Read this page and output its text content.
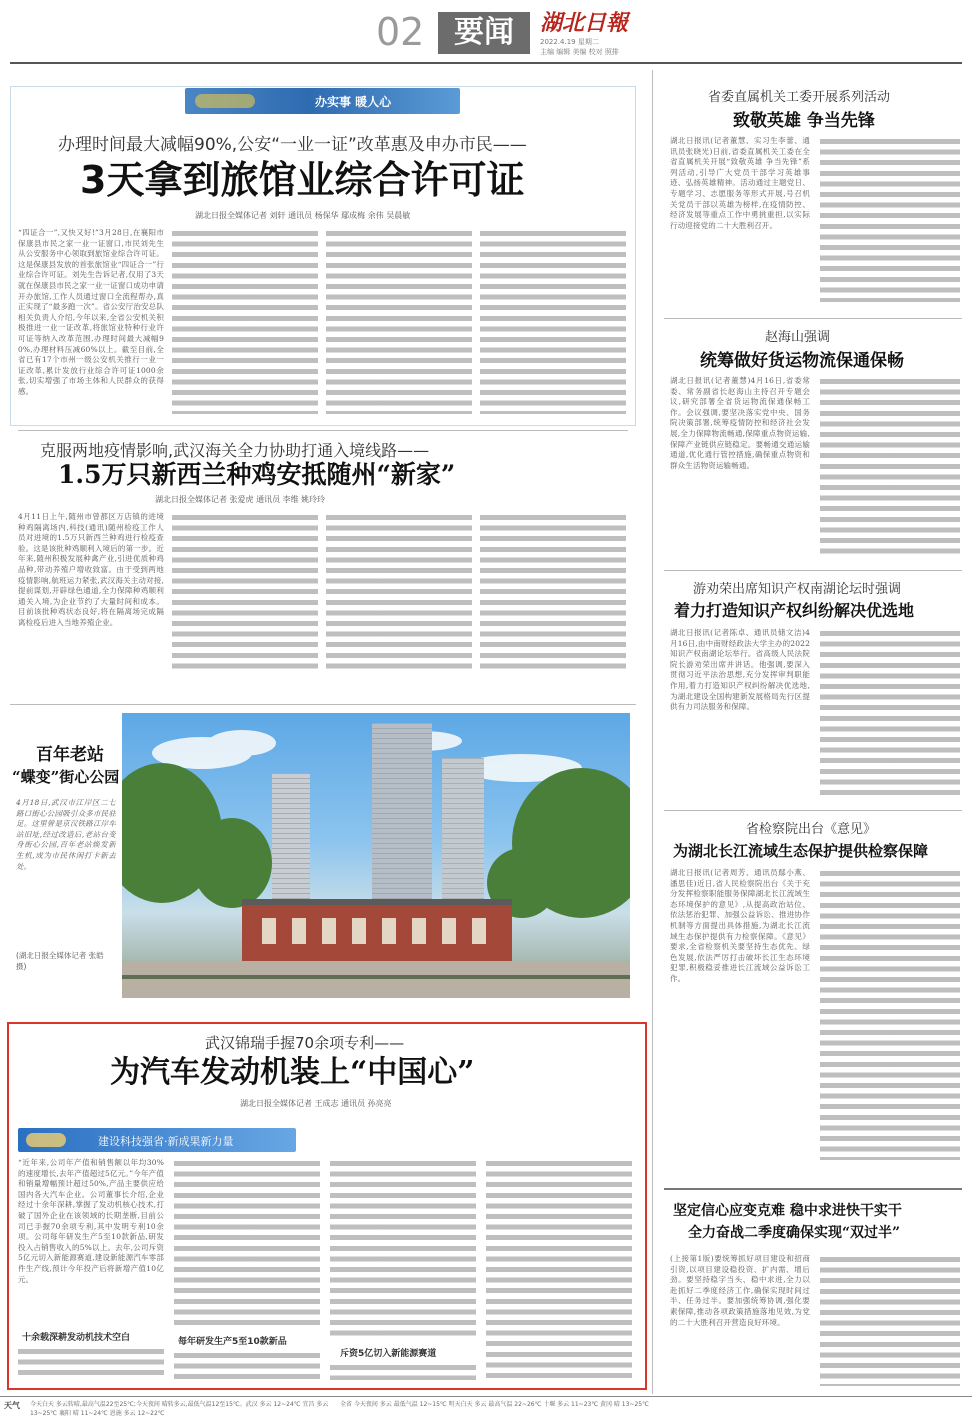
02 要闻	湖北日報
2022.4.19 星期二
主编 编辑 美编 校对 照排
办实事 暖人心
办理时间最大减幅90%,公安“一业一证”改革惠及申办市民——
3天拿到旅馆业综合许可证
湖北日报全媒体记者 刘轩 通讯员 杨保华 鄢成梅 余伟 吴晨敏
“四证合一”,又快又好!”3月28日,在襄阳市保康县市民之家一业一证窗口,市民刘先生从公安服务中心领取到旅馆业综合许可证。这是保康县发放的首张旅馆业“四证合一”行业综合许可证。刘先生告诉记者,仅用了3天就在保康县市民之家一业一证窗口成功申请开办旅馆,工作人员通过窗口全流程帮办,真正实现了“最多跑一次”。省公安厅治安总队相关负责人介绍,今年以来,全省公安机关积极推进一业一证改革,将旅馆业特种行业许可证等纳入改革范围,办理时间最大减幅90%,办理材料压减60%以上。截至目前,全省已有17个市州一级公安机关推行一业一证改革,累计发放行业综合许可证1000余张,切实增强了市场主体和人民群众的获得感。
克服两地疫情影响,武汉海关全力协助打通入境线路——
1.5万只新西兰种鸡安抵随州“新家”
湖北日报全媒体记者 张爱虎 通讯员 李维 姚玲玲
4月11日上午,随州市曾都区万店镇的进境种鸡隔离场内,科技(通讯)随州检疫工作人员对进境的1.5万只新西兰种鸡进行检疫查验。这是该批种鸡顺利入境后的第一步。近年来,随州积极发展种禽产业,引进优质种鸡品种,带动养殖户增收致富。由于受到两地疫情影响,航班运力紧张,武汉海关主动对接,提前谋划,开辟绿色通道,全力保障种鸡顺利通关入境,为企业节约了大量时间和成本。目前该批种鸡状态良好,将在隔离场完成隔离检疫后进入当地养殖企业。
百年老站
“蝶变”街心公园
4月18日,武汉市江岸区二七路口街心公园吸引众多市民驻足。这里曾是京汉铁路江岸车站旧址,经过改造后,老站台变身街心公园,百年老站焕发新生机,成为市民休闲打卡新去处。
(湖北日报全媒体记者 张皓 摄)
武汉锦瑞手握70余项专利——
为汽车发动机装上“中国心”
湖北日报全媒体记者 王成志 通讯员 孙亮亮
建设科技强省·新成果新力量
“近年来,公司年产值和销售额以年均30%的速度增长,去年产值超过5亿元。”今年产值和销量增幅预计超过50%,产品主要供应给国内各大汽车企业。公司董事长介绍,企业经过十余年深耕,掌握了发动机核心技术,打破了国外企业在该领域的长期垄断,目前公司已手握70余项专利,其中发明专利10余项。公司每年研发生产5至10款新品,研发投入占销售收入的5%以上。去年,公司斥资5亿元切入新能源赛道,建设新能源汽车零部件生产线,预计今年投产后将新增产值10亿元。
十余载深耕发动机技术空白	每年研发生产5至10款新品
斥资5亿切入新能源赛道
省委直属机关工委开展系列活动
致敬英雄 争当先锋
湖北日报讯(记者董慧、实习生李蕾、通讯员张晓光)日前,省委直属机关工委在全省直属机关开展“致敬英雄 争当先锋”系列活动,引导广大党员干部学习英雄事迹、弘扬英雄精神。活动通过主题党日、专题学习、志愿服务等形式开展,号召机关党员干部以英雄为榜样,在疫情防控、经济发展等重点工作中勇挑重担,以实际行动迎接党的二十大胜利召开。
赵海山强调
统筹做好货运物流保通保畅
湖北日报讯(记者董慧)4月16日,省委常委、常务副省长赵海山主持召开专题会议,研究部署全省货运物流保通保畅工作。会议强调,要坚决落实党中央、国务院决策部署,统筹疫情防控和经济社会发展,全力保障物流畅通,保障重点物资运输,保障产业链供应链稳定。要畅通交通运输通道,优化通行管控措施,确保重点物资和群众生活物资运输畅通。
游劝荣出席知识产权南湖论坛时强调
着力打造知识产权纠纷解决优选地
湖北日报讯(记者陈卓、通讯员储文洁)4月16日,由中南财经政法大学主办的2022知识产权南湖论坛举行。省高级人民法院院长游劝荣出席并讲话。他强调,要深入贯彻习近平法治思想,充分发挥审判职能作用,着力打造知识产权纠纷解决优选地,为湖北建设全国构建新发展格局先行区提供有力司法服务和保障。
省检察院出台《意见》
为湖北长江流域生态保护提供检察保障
湖北日报讯(记者周芳、通讯员鄢小燕、潘思佳)近日,省人民检察院出台《关于充分发挥检察职能服务保障湖北长江流域生态环境保护的意见》,从提高政治站位、依法惩治犯罪、加强公益诉讼、推进协作机制等方面提出具体措施,为湖北长江流域生态保护提供有力检察保障。《意见》要求,全省检察机关要坚持生态优先、绿色发展,依法严厉打击破坏长江生态环境犯罪,积极稳妥推进长江流域公益诉讼工作。
坚定信心应变克难 稳中求进快干实干
全力奋战二季度确保实现“双过半”
(上接第1版)要统筹抓好项目建设和招商引资,以项目建设稳投资、扩内需、增后劲。要坚持稳字当头、稳中求进,全力以赴抓好二季度经济工作,确保实现时间过半、任务过半。要加强统筹协调,强化要素保障,推动各项政策措施落地见效,为党的二十大胜利召开营造良好环境。
天气 今天白天 多云转晴,最高气温22至25℃;今天夜间 晴转多云,最低气温12至15℃。武汉 多云 12~24℃ 宜昌 多云 13~25℃ 襄阳 晴 11~24℃ 恩施 多云 12~22℃
全省 今天夜间 多云 最低气温 12~15℃ 明天白天 多云 最高气温 22~26℃ 十堰 多云 11~23℃ 黄冈 晴 13~25℃
